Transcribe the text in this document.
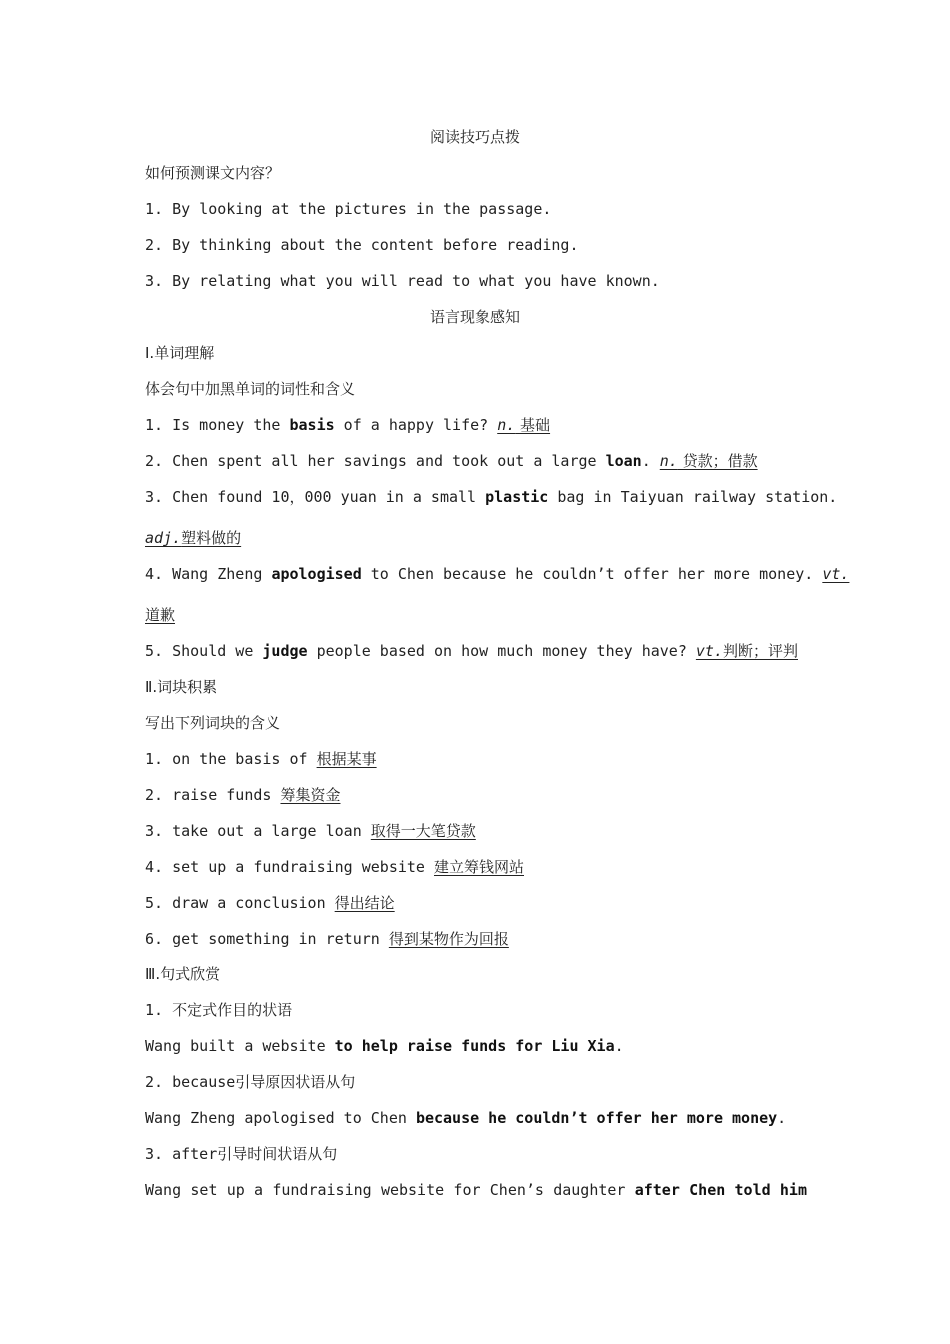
阅读技巧点拨
如何预测课文内容？
1. By looking at the pictures in the passage.
2. By thinking about the content before reading.
3. By relating what you will read to what you have known.
语言现象感知
Ⅰ.单词理解
体会句中加黑单词的词性和含义
1. Is money the basis of a happy life? n. 基础
2. Chen spent all her savings and took out a large loan. n. 贷款；借款
3. Chen found 10，000 yuan in a small plastic bag in Taiyuan railway station.
adj.塑料做的
4. Wang Zheng apologised to Chen because he couldn’t offer her more money. vt.
道歉
5. Should we judge people based on how much money they have? vt.判断；评判
Ⅱ.词块积累
写出下列词块的含义
1. on the basis of 根据某事
2. raise funds 筹集资金
3. take out a large loan 取得一大笔贷款
4. set up a fundraising website 建立筹钱网站
5. draw a conclusion 得出结论
6. get something in return 得到某物作为回报
Ⅲ.句式欣赏
1. 不定式作目的状语
Wang built a website to help raise funds for Liu Xia.
2. because引导原因状语从句
Wang Zheng apologised to Chen because he couldn’t offer her more money.
3. after引导时间状语从句
Wang set up a fundraising website for Chen’s daughter after Chen told him
